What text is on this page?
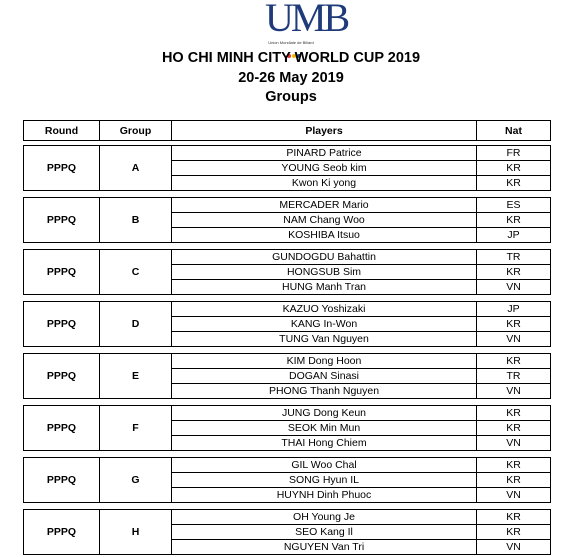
UMB
Union Mondiale de Billard
HO CHI MINH CITY WORLD CUP 2019
20-26 May 2019
Groups
Round	Group	Players	Nat
PPPQ	A	PINARD Patrice	FR
		YOUNG Seob kim	KR
		Kwon Ki yong	KR
PPPQ	B	MERCADER Mario	ES
		NAM Chang Woo	KR
		KOSHIBA Itsuo	JP
PPPQ	C	GUNDOGDU Bahattin	TR
		HONGSUB Sim	KR
		HUNG Manh Tran	VN
PPPQ	D	KAZUO Yoshizaki	JP
		KANG In-Won	KR
		TUNG Van Nguyen	VN
PPPQ	E	KIM Dong Hoon	KR
		DOGAN Sinasi	TR
		PHONG Thanh Nguyen	VN
PPPQ	F	JUNG Dong Keun	KR
		SEOK Min Mun	KR
		THAI Hong Chiem	VN
PPPQ	G	GIL Woo Chal	KR
		SONG Hyun IL	KR
		HUYNH Dinh Phuoc	VN
PPPQ	H	OH Young Je	KR
		SEO Kang Il	KR
		NGUYEN Van Tri	VN
